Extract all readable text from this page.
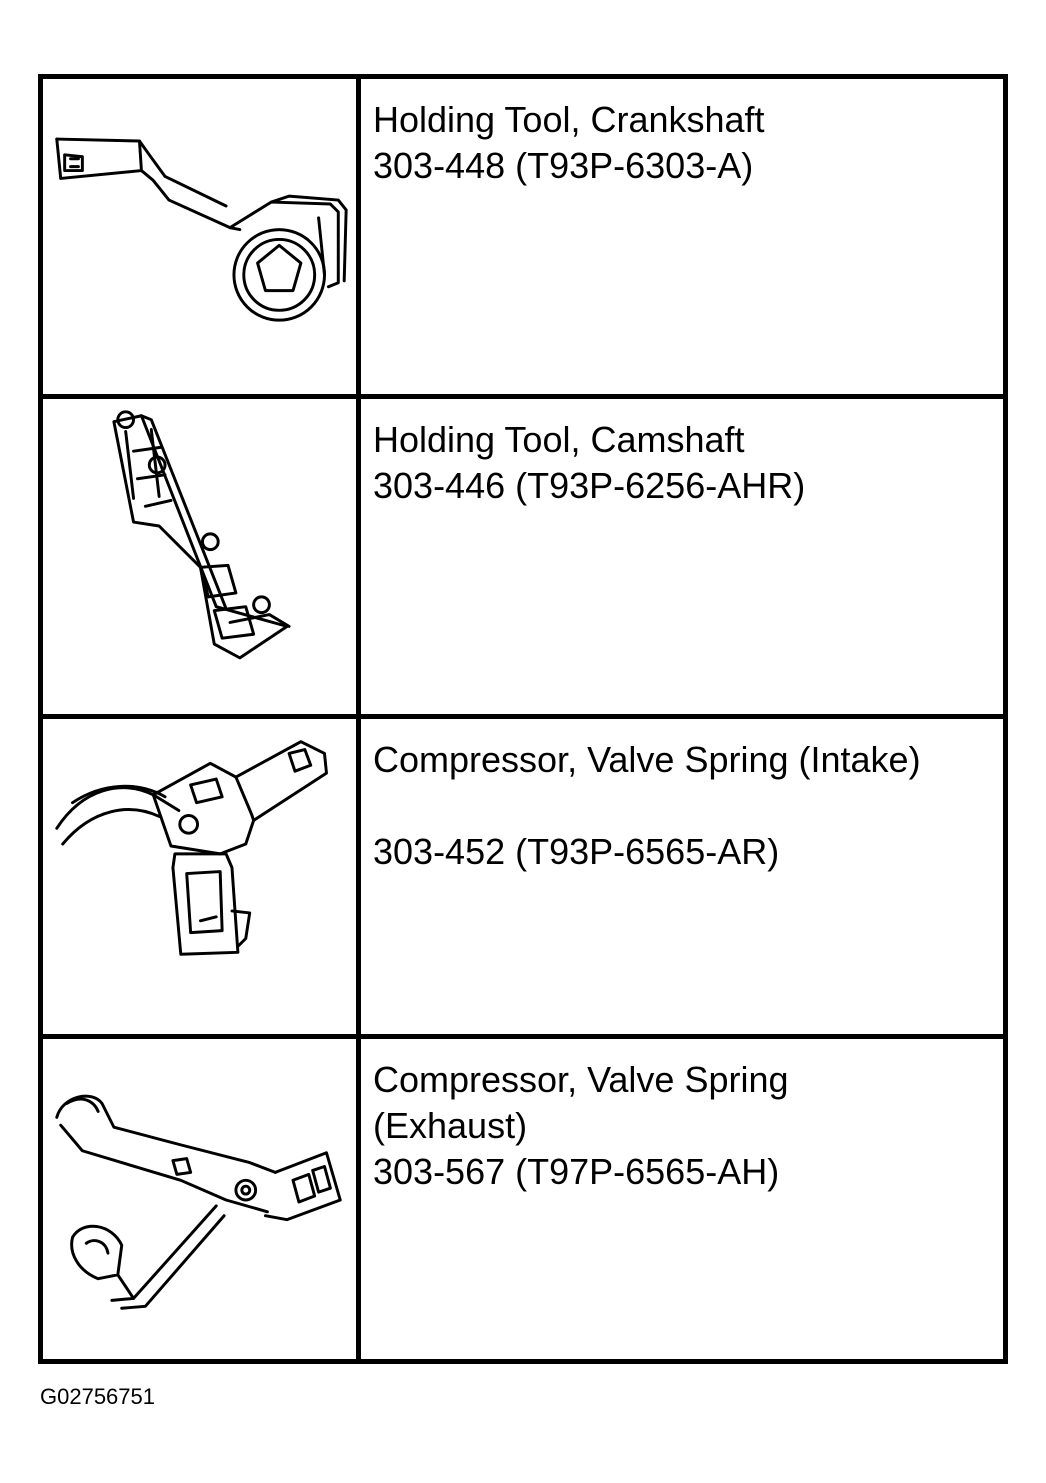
Holding Tool, Crankshaft
303-448 (T93P-6303-A)
Holding Tool, Camshaft
303-446 (T93P-6256-AHR)
Compressor, Valve Spring (Intake)

303-452 (T93P-6565-AR)
Compressor, Valve Spring
(Exhaust)
303-567 (T97P-6565-AH)
G02756751
